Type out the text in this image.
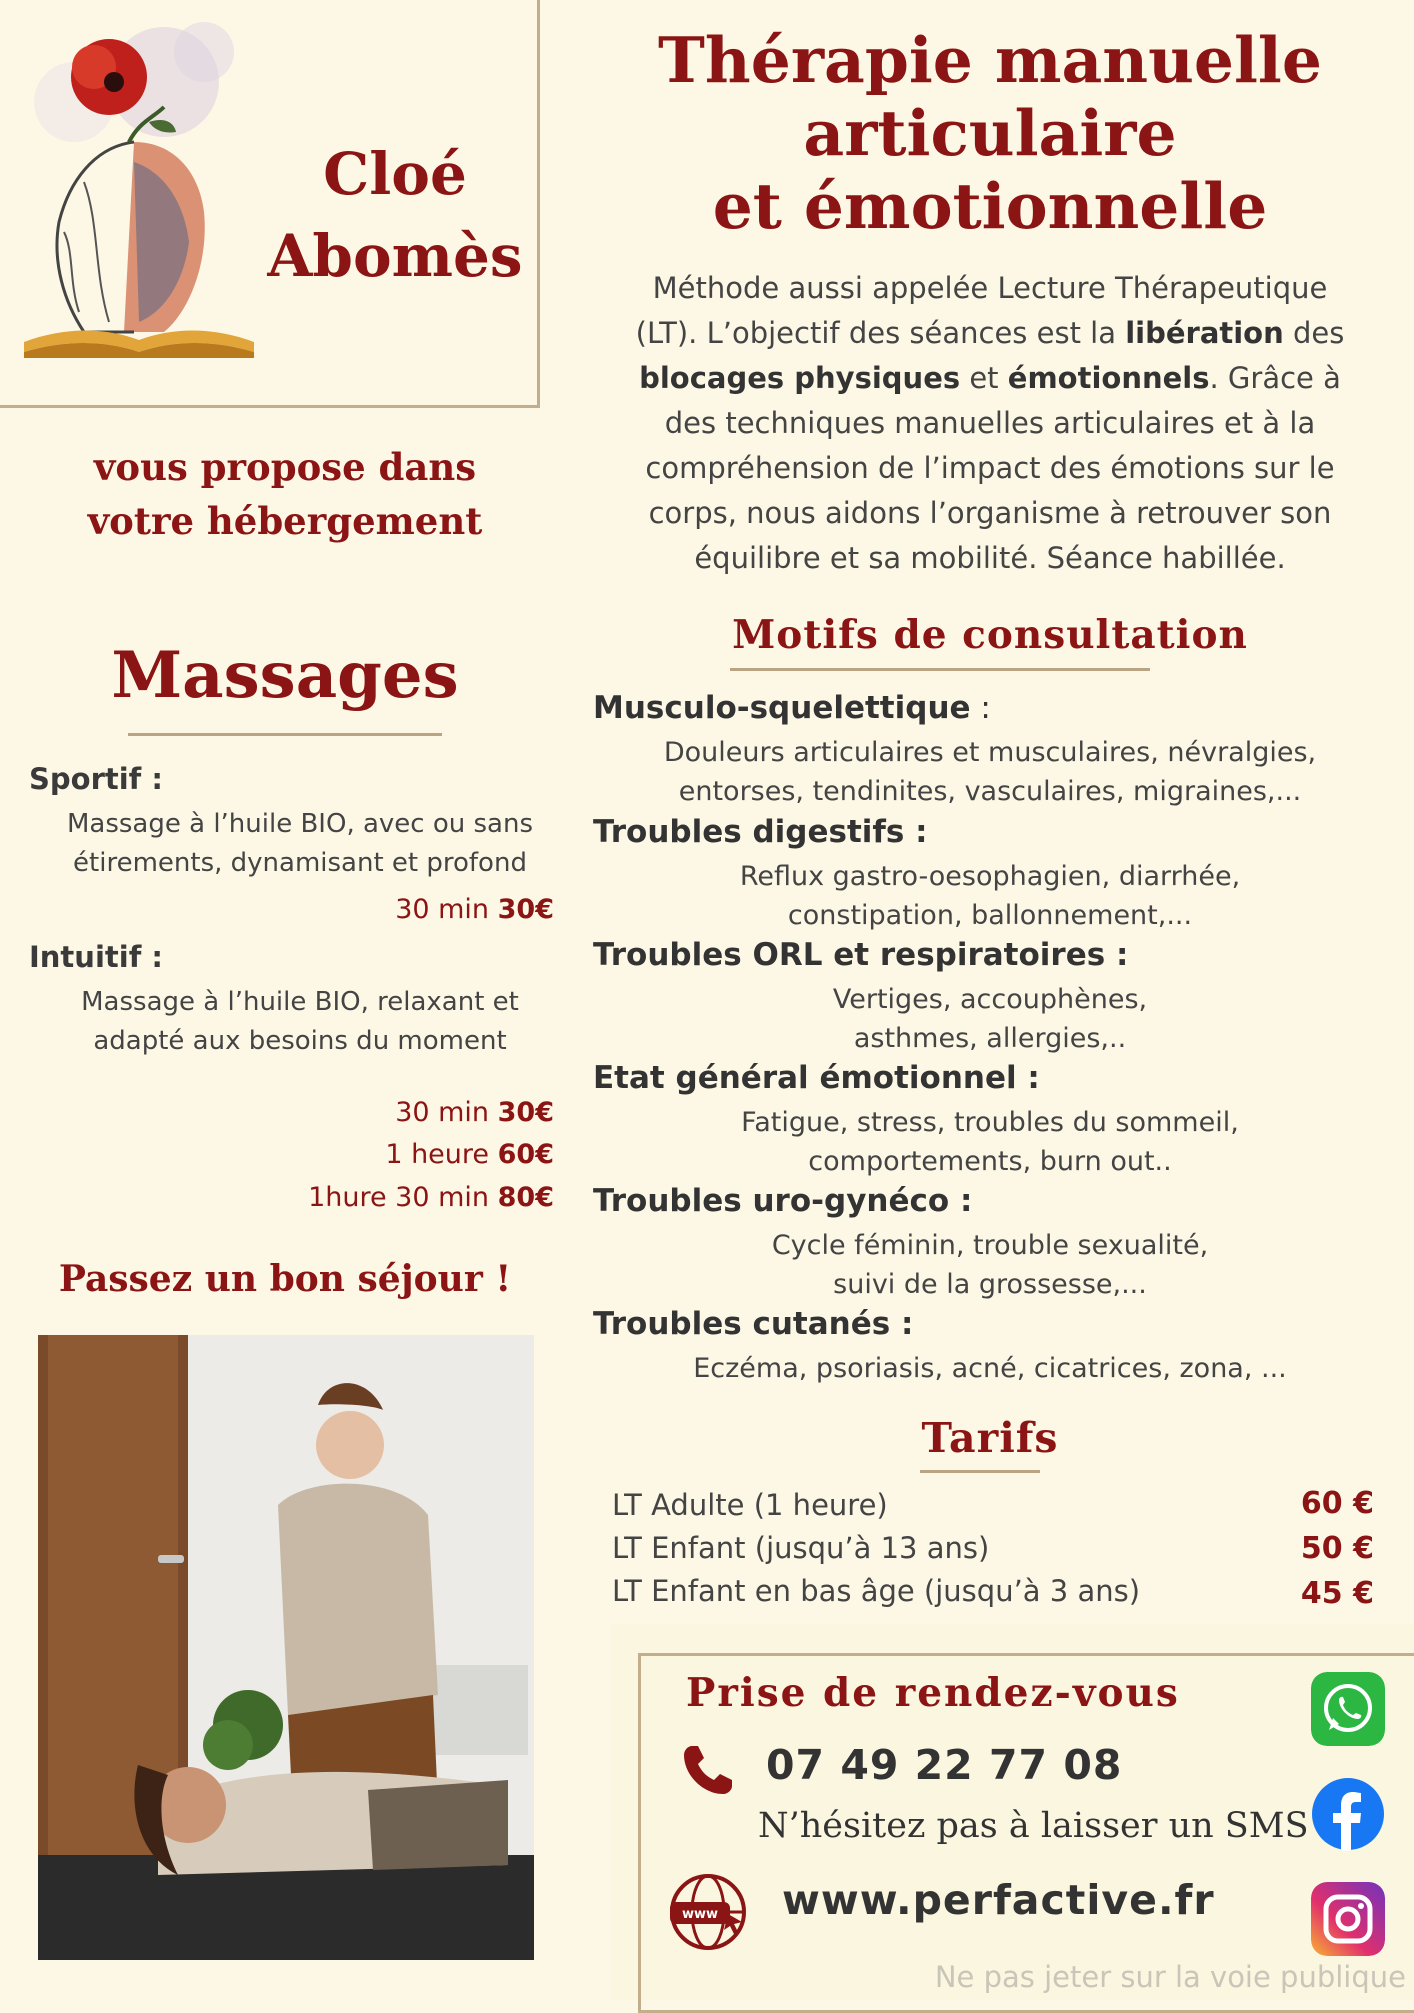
Cloé
Abomès
vous propose dans
votre hébergement
Massages
Sportif :
Massage à l’huile BIO, avec ou sans
étirements, dynamisant et profond
30 min 30€
Intuitif :
Massage à l’huile BIO, relaxant et
adapté aux besoins du moment
30 min 30€
1 heure 60€
1hure 30 min 80€
Passez un bon séjour !
Thérapie manuelle
articulaire
et émotionnelle
Méthode aussi appelée Lecture Thérapeutique (LT). L’objectif des séances est la libération des blocages physiques et émotionnels. Grâce à des techniques manuelles articulaires et à la compréhension de l’impact des émotions sur le corps, nous aidons l’organisme à retrouver son équilibre et sa mobilité. Séance habillée.
Motifs de consultation
Musculo-squelettique :
Douleurs articulaires et musculaires, névralgies,
entorses, tendinites, vasculaires, migraines,...
Troubles digestifs :
Reflux gastro-oesophagien, diarrhée,
constipation, ballonnement,...
Troubles ORL et respiratoires :
Vertiges, accouphènes,
asthmes, allergies,..
Etat général émotionnel :
Fatigue, stress, troubles du sommeil,
comportements, burn out..
Troubles uro-gynéco :
Cycle féminin, trouble sexualité,
suivi de la grossesse,...
Troubles cutanés :
Eczéma, psoriasis, acné, cicatrices, zona, ...
Tarifs
LT Adulte (1 heure)	60 €
LT Enfant (jusqu’à 13 ans)	50 €
LT Enfant en bas âge (jusqu’à 3 ans)	45 €
Prise de rendez-vous
07 49 22 77 08
N’hésitez pas à laisser un SMS
www www.perfactive.fr
Ne pas jeter sur la voie publique
